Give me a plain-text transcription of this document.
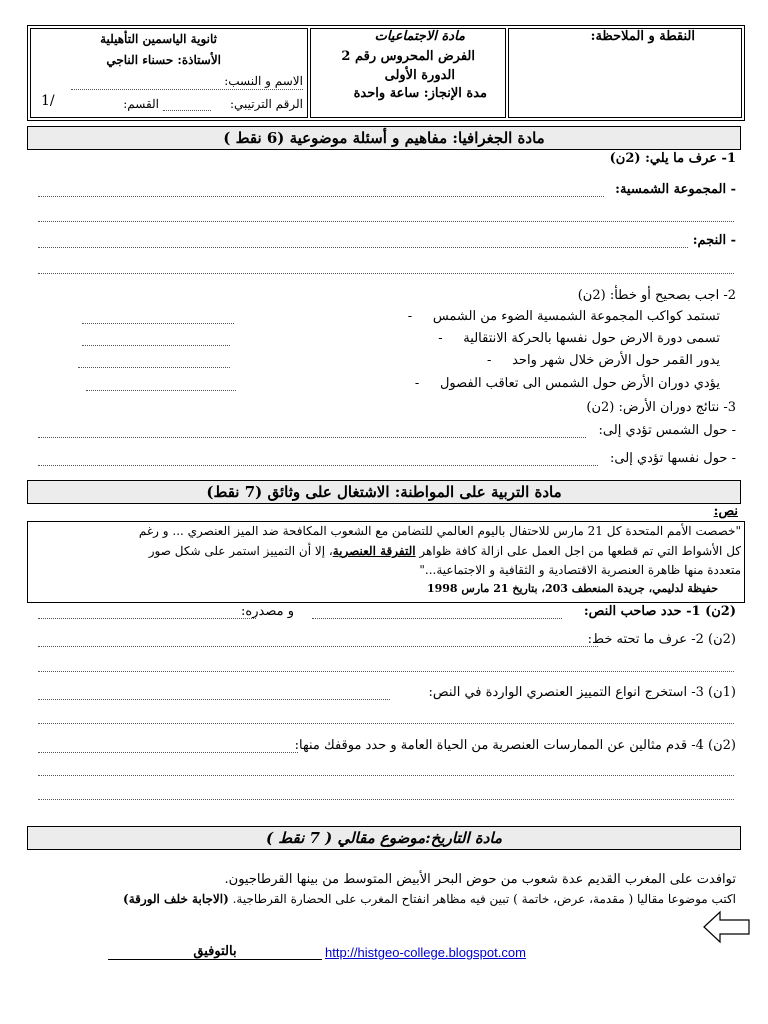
ثانوية الياسمين التأهيلية
الأستاذة: حسناء الناجي
الاسم و النسب:
الرقم الترتيبي:
القسم:
1/
مادة الاجتماعيات
الفرض المحروس رقم 2
الدورة الأولى
مدة الإنجاز: ساعة واحدة
النقطة و الملاحظة:
مادة الجغرافيا: مفاهيم و أسئلة موضوعية (6 نقط )
1- عرف ما يلي: (2ن)
- المجموعة الشمسية:
- النجم:
2- اجب بصحيح أو خطأ: (2ن)
تستمد كواكب المجموعة الشمسية الضوء من الشمس     -
تسمى دورة الارض حول نفسها بالحركة الانتقالية     -
يدور القمر حول الأرض خلال شهر واحد     -
يؤدي دوران الأرض حول الشمس الى تعاقب الفصول     -
3- نتائج دوران الأرض: (2ن)
- حول الشمس تؤدي إلى:
- حول نفسها تؤدي إلى:
مادة التربية على المواطنة: الاشتغال على وثائق (7 نقط)
نص:
"خصصت الأمم المتحدة كل 21 مارس للاحتفال باليوم العالمي للتضامن مع الشعوب المكافحة ضد الميز العنصري ... و رغم
كل الأشواط التي تم قطعها من اجل العمل على ازالة كافة ظواهر التفرقة العنصرية، إلا أن التمييز استمر على شكل صور
متعددة منها ظاهرة العنصرية الاقتصادية و الثقافية و الاجتماعية..."
حفيظة لدليمي، جريدة المنعطف 203، بتاريخ 21 مارس 1998
(2ن) 1- حدد صاحب النص:
و مصدره:
(2ن) 2- عرف ما تحته خط:
(1ن) 3- استخرج انواع التمييز العنصري الواردة في النص:
(2ن) 4- قدم مثالين عن الممارسات العنصرية من الحياة العامة و حدد موقفك منها:
مادة التاريخ:موضوع مقالي ( 7 نقط )
توافدت على المغرب القديم عدة شعوب من حوض البحر الأبيض المتوسط من بينها القرطاجيون.
اكتب موضوعا مقاليا ( مقدمة، عرض، خاتمة ) تبين فيه مظاهر انفتاح المغرب على الحضارة القرطاجية. (الاجابة خلف الورقة)
http://histgeo-college.blogspot.com
بالتوفيق
